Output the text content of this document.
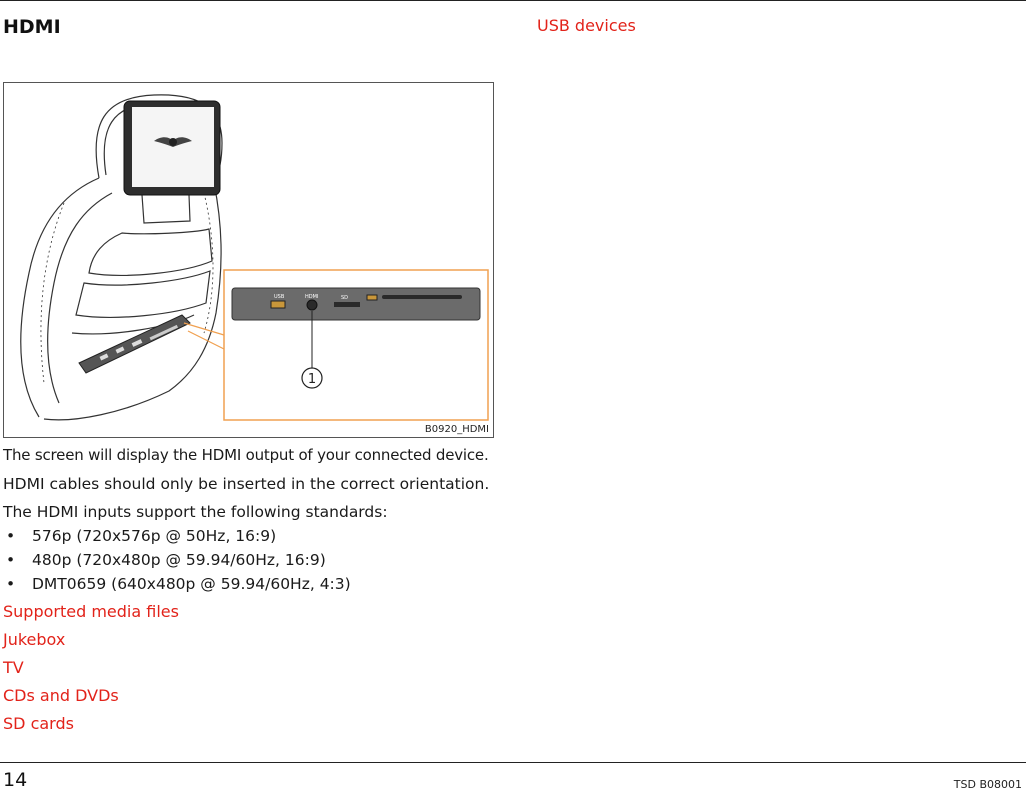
HDMI	USB devices
USB	HDMI	SD
1
B0920_HDMI

The screen will display the HDMI output of your connected device.

HDMI cables should only be inserted in the correct orientation.

The HDMI inputs support the following standards:

• 576p (720x576p @ 50Hz, 16:9)
• 480p (720x480p @ 59.94/60Hz, 16:9)
• DMT0659 (640x480p @ 59.94/60Hz, 4:3)
Supported media files
Jukebox
TV
CDs and DVDs
SD cards

14	TSD B08001
